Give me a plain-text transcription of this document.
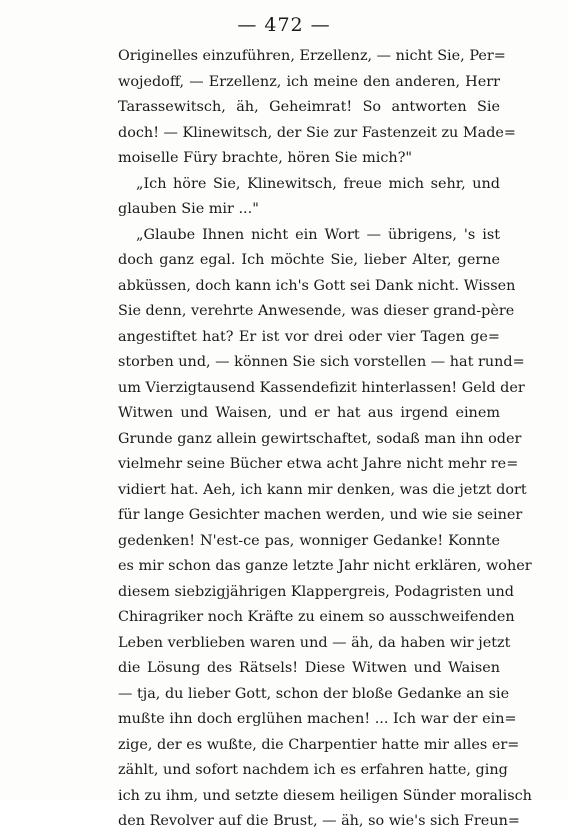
— 472 —
Originelles einzuführen, Erzellenz, — nicht Sie, Per=
wojedoff, — Erzellenz, ich meine den anderen, Herr
Tarassewitsch, äh, Geheimrat! So antworten Sie
doch! — Klinewitsch, der Sie zur Fastenzeit zu Made=
moiselle Füry brachte, hören Sie mich?"
„Ich höre Sie, Klinewitsch, freue mich sehr, und
glauben Sie mir ..."
„Glaube Ihnen nicht ein Wort — übrigens, 's ist
doch ganz egal. Ich möchte Sie, lieber Alter, gerne
abküssen, doch kann ich's Gott sei Dank nicht. Wissen
Sie denn, verehrte Anwesende, was dieser grand-père
angestiftet hat? Er ist vor drei oder vier Tagen ge=
storben und, — können Sie sich vorstellen — hat rund=
um Vierzigtausend Kassendefizit hinterlassen! Geld der
Witwen und Waisen, und er hat aus irgend einem
Grunde ganz allein gewirtschaftet, sodaß man ihn oder
vielmehr seine Bücher etwa acht Jahre nicht mehr re=
vidiert hat. Aeh, ich kann mir denken, was die jetzt dort
für lange Gesichter machen werden, und wie sie seiner
gedenken! N'est-ce pas, wonniger Gedanke! Konnte
es mir schon das ganze letzte Jahr nicht erklären, woher
diesem siebzigjährigen Klappergreis, Podagristen und
Chiragriker noch Kräfte zu einem so ausschweifenden
Leben verblieben waren und — äh, da haben wir jetzt
die Lösung des Rätsels! Diese Witwen und Waisen
— tja, du lieber Gott, schon der bloße Gedanke an sie
mußte ihn doch erglühen machen! ... Ich war der ein=
zige, der es wußte, die Charpentier hatte mir alles er=
zählt, und sofort nachdem ich es erfahren hatte, ging
ich zu ihm, und setzte diesem heiligen Sünder moralisch
den Revolver auf die Brust, — äh, so wie's sich Freun=
